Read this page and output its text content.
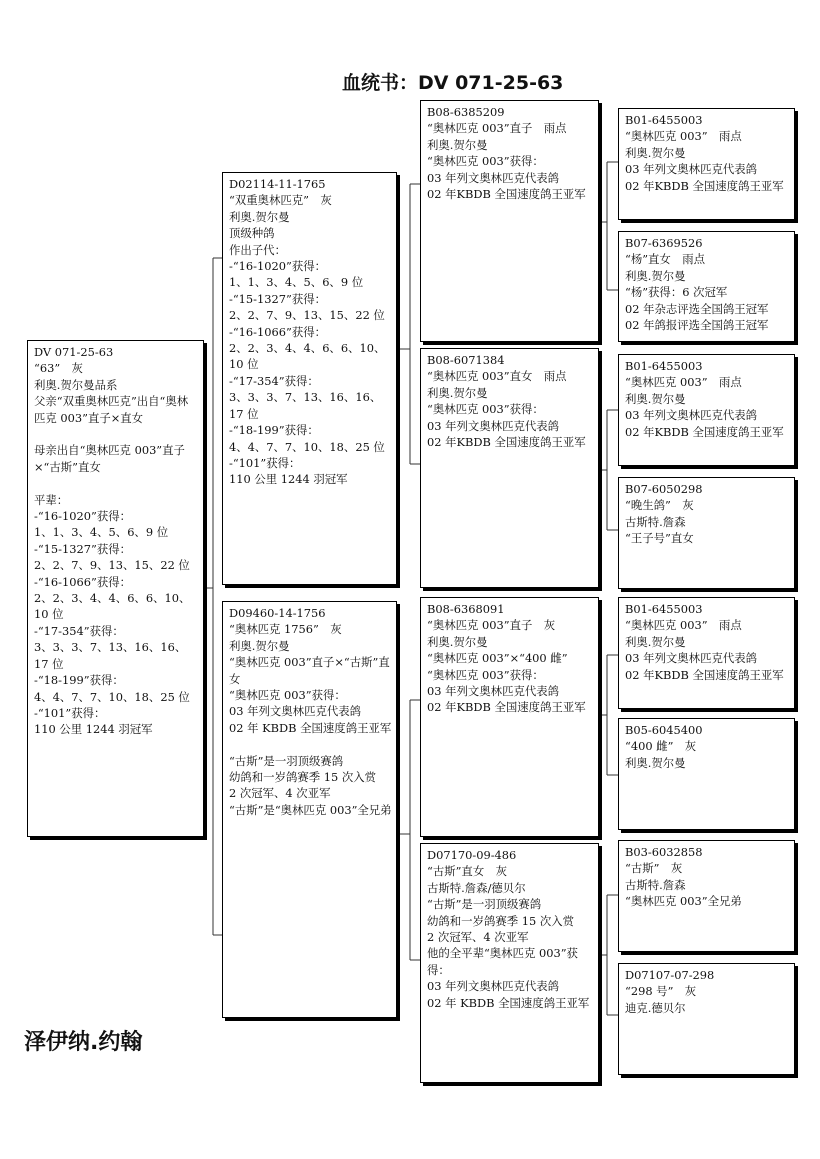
血统书：DV 071-25-63
DV 071-25-63
“63”　灰
利奥.贺尔曼品系
父亲“双重奥林匹克”出自“奥林匹克 003”直子×直女
母亲出自“奥林匹克 003”直子×“古斯”直女
平辈：
-“16-1020”获得：
1、1、3、4、5、6、9 位
-“15-1327”获得：
2、2、7、9、13、15、22 位
-“16-1066”获得：
2、2、3、4、4、6、6、10、10 位
-“17-354”获得：
3、3、3、7、13、16、16、17 位
-“18-199”获得：
4、4、7、7、10、18、25 位
-“101”获得：
110 公里 1244 羽冠军
D02114-11-1765
“双重奥林匹克”　灰
利奥.贺尔曼
顶级种鸽
作出子代：
-“16-1020”获得：
1、1、3、4、5、6、9 位
-“15-1327”获得：
2、2、7、9、13、15、22 位
-“16-1066”获得：
2、2、3、4、4、6、6、10、10 位
-“17-354”获得：
3、3、3、7、13、16、16、17 位
-“18-199”获得：
4、4、7、7、10、18、25 位
-“101”获得：
110 公里 1244 羽冠军
D09460-14-1756
“奥林匹克 1756”　灰
利奥.贺尔曼
“奥林匹克 003”直子×“古斯”直女
“奥林匹克 003”获得：
03 年列文奥林匹克代表鸽
02 年 KBDB 全国速度鸽王亚军
“古斯”是一羽顶级赛鸽
幼鸽和一岁鸽赛季 15 次入赏
2 次冠军、4 次亚军
“古斯”是“奥林匹克 003”全兄弟
B08-6385209
“奥林匹克 003”直子　雨点
利奥.贺尔曼
“奥林匹克 003”获得：
03 年列文奥林匹克代表鸽
02 年KBDB 全国速度鸽王亚军
B08-6071384
“奥林匹克 003”直女　雨点
利奥.贺尔曼
“奥林匹克 003”获得：
03 年列文奥林匹克代表鸽
02 年KBDB 全国速度鸽王亚军
B08-6368091
“奥林匹克 003”直子　灰
利奥.贺尔曼
“奥林匹克 003”×“400 雌”
“奥林匹克 003”获得：
03 年列文奥林匹克代表鸽
02 年KBDB 全国速度鸽王亚军
D07170-09-486
“古斯”直女　灰
古斯特.詹森/德贝尔
“古斯”是一羽顶级赛鸽
幼鸽和一岁鸽赛季 15 次入赏
2 次冠军、4 次亚军
他的全平辈“奥林匹克 003”获得：
03 年列文奥林匹克代表鸽
02 年 KBDB 全国速度鸽王亚军
B01-6455003
“奥林匹克 003”　雨点
利奥.贺尔曼
03 年列文奥林匹克代表鸽
02 年KBDB 全国速度鸽王亚军
B07-6369526
“杨”直女　雨点
利奥.贺尔曼
“杨”获得：6 次冠军
02 年杂志评选全国鸽王冠军
02 年鸽报评选全国鸽王冠军
B01-6455003
“奥林匹克 003”　雨点
利奥.贺尔曼
03 年列文奥林匹克代表鸽
02 年KBDB 全国速度鸽王亚军
B07-6050298
“晚生鸽”　灰
古斯特.詹森
“王子号”直女
B01-6455003
“奥林匹克 003”　雨点
利奥.贺尔曼
03 年列文奥林匹克代表鸽
02 年KBDB 全国速度鸽王亚军
B05-6045400
“400 雌”　灰
利奥.贺尔曼
B03-6032858
“古斯”　灰
古斯特.詹森
“奥林匹克 003”全兄弟
D07107-07-298
“298 号”　灰
迪克.德贝尔
泽伊纳.约翰
